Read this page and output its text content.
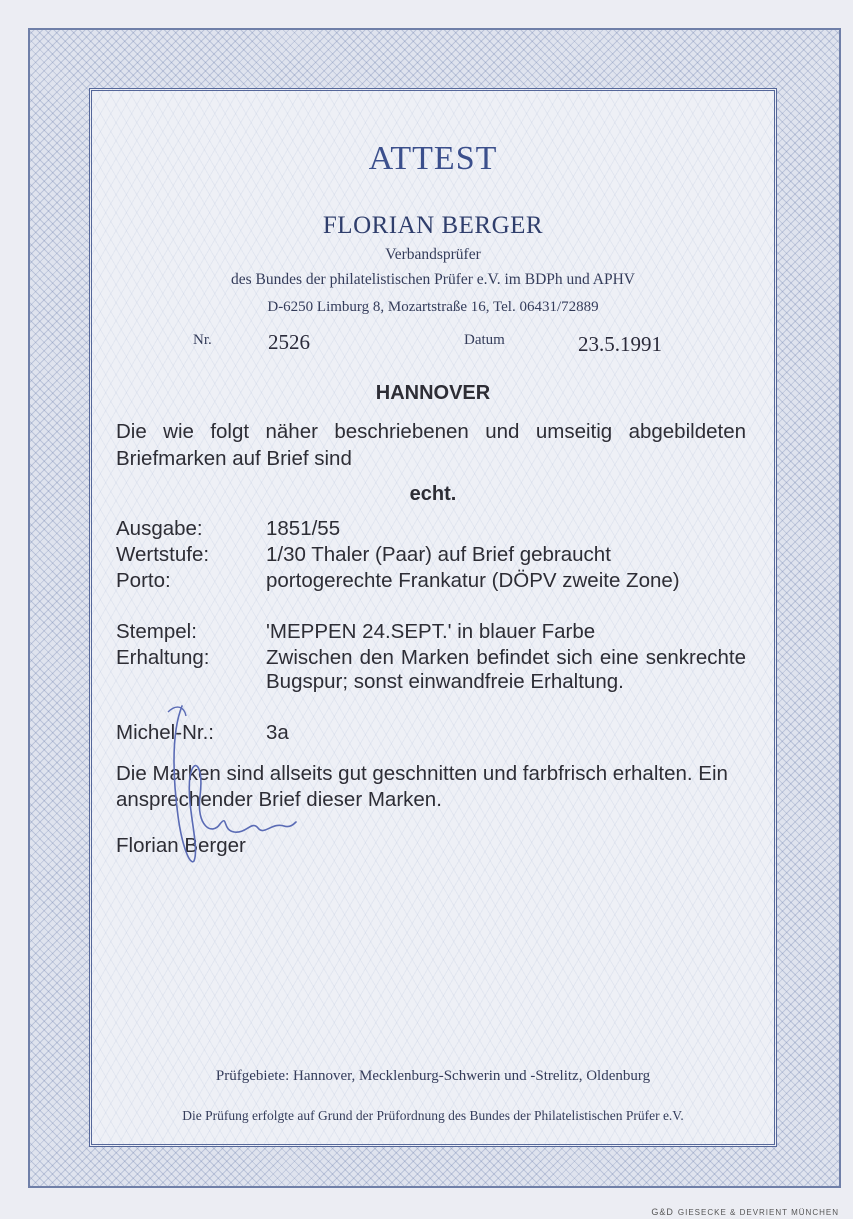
ATTEST
FLORIAN BERGER
Verbandsprüfer
des Bundes der philatelistischen Prüfer e.V. im BDPh und APHV
D-6250 Limburg 8, Mozartstraße 16, Tel. 06431/72889
Nr.	2526	Datum	23.5.1991
HANNOVER
Die wie folgt näher beschriebenen und umseitig abgebildeten Briefmarken auf Brief sind
echt.
Ausgabe:	1851/55
Wertstufe:	1/30 Thaler (Paar) auf Brief gebraucht
Porto:	portogerechte Frankatur (DÖPV zweite Zone)
Stempel:	'MEPPEN 24.SEPT.' in blauer Farbe
Erhaltung:	Zwischen den Marken befindet sich eine senkrechte Bugspur; sonst einwandfreie Erhaltung.
Michel-Nr.:	3a
Die Marken sind allseits gut geschnitten und farbfrisch erhalten. Ein ansprechender Brief dieser Marken.
Florian Berger
Prüfgebiete: Hannover, Mecklenburg-Schwerin und -Strelitz, Oldenburg
Die Prüfung erfolgte auf Grund der Prüfordnung des Bundes der Philatelistischen Prüfer e.V.
G&D GIESECKE & DEVRIENT MÜNCHEN
